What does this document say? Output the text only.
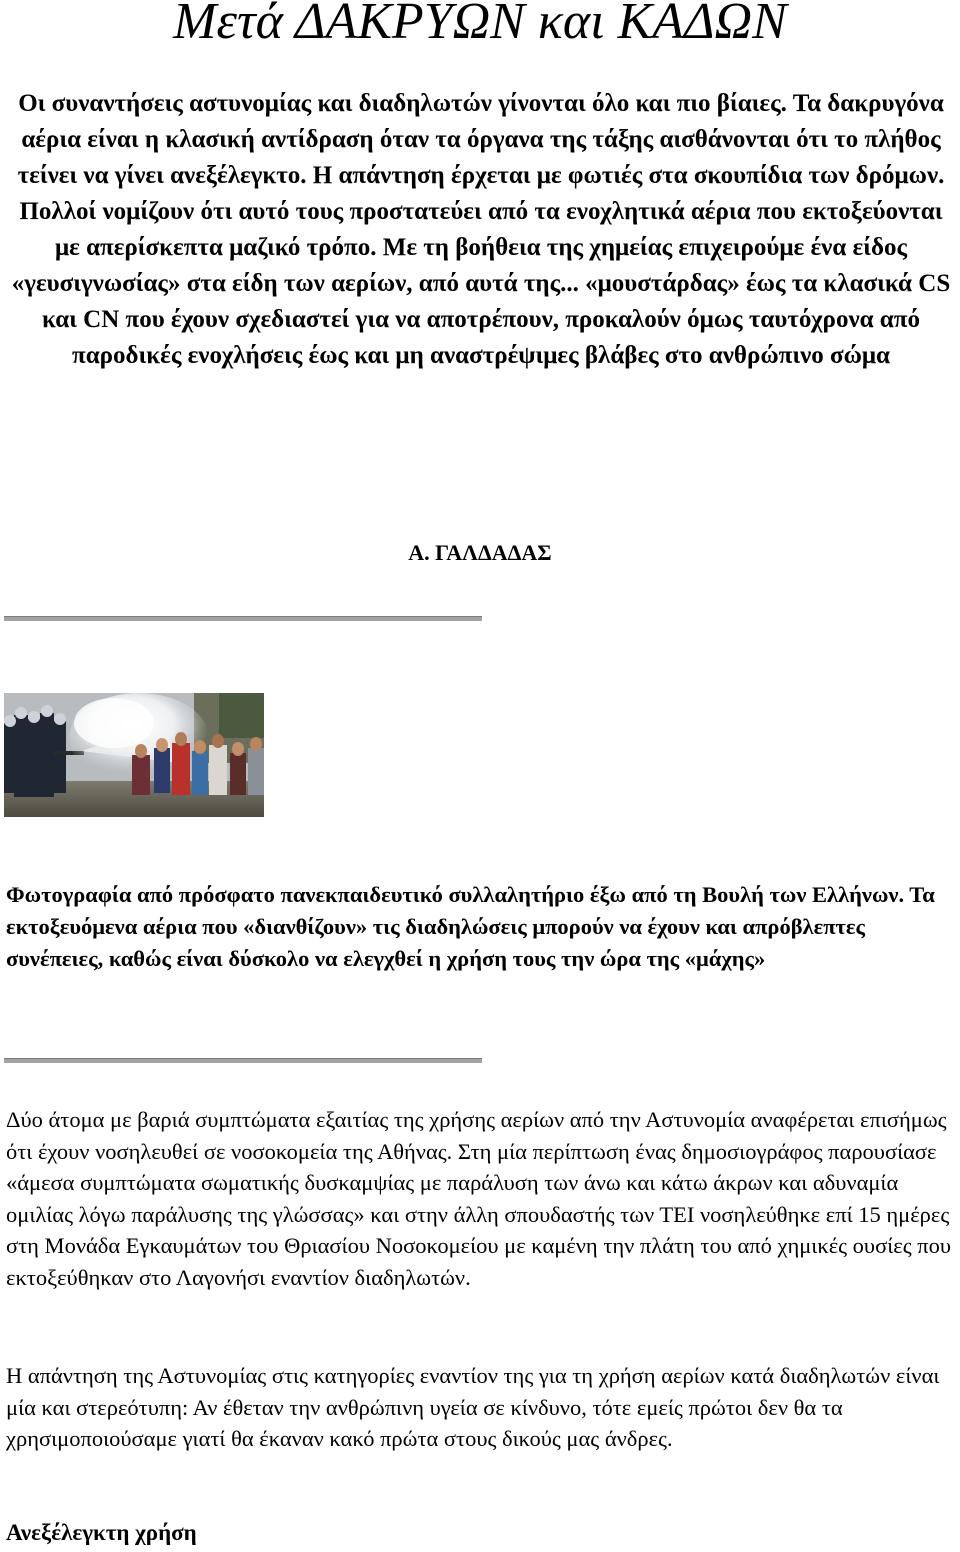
Μετά ΔΑΚΡΥΩΝ και ΚΑΔΩΝ

Οι συναντήσεις αστυνομίας και διαδηλωτών γίνονται όλο και πιο βίαιες. Τα δακρυγόνα αέρια είναι η κλασική αντίδραση όταν τα όργανα της τάξης αισθάνονται ότι το πλήθος τείνει να γίνει ανεξέλεγκτο. Η απάντηση έρχεται με φωτιές στα σκουπίδια των δρόμων. Πολλοί νομίζουν ότι αυτό τους προστατεύει από τα ενοχλητικά αέρια που εκτοξεύονται με απερίσκεπτα μαζικό τρόπο. Με τη βοήθεια της χημείας επιχειρούμε ένα είδος «γευσιγνωσίας» στα είδη των αερίων, από αυτά της... «μουστάρδας» έως τα κλασικά CS και CN που έχουν σχεδιαστεί για να αποτρέπουν, προκαλούν όμως ταυτόχρονα από παροδικές ενοχλήσεις έως και μη αναστρέψιμες βλάβες στο ανθρώπινο σώμα

Α. ΓΑΛΔΑΔΑΣ

Φωτογραφία από πρόσφατο πανεκπαιδευτικό συλλαλητήριο έξω από τη Βουλή των Ελλήνων. Τα εκτοξευόμενα αέρια που «διανθίζουν» τις διαδηλώσεις μπορούν να έχουν και απρόβλεπτες συνέπειες, καθώς είναι δύσκολο να ελεγχθεί η χρήση τους την ώρα της «μάχης»

Δύο άτομα με βαριά συμπτώματα εξαιτίας της χρήσης αερίων από την Αστυνομία αναφέρεται επισήμως ότι έχουν νοσηλευθεί σε νοσοκομεία της Αθήνας. Στη μία περίπτωση ένας δημοσιογράφος παρουσίασε «άμεσα συμπτώματα σωματικής δυσκαμψίας με παράλυση των άνω και κάτω άκρων και αδυναμία ομιλίας λόγω παράλυσης της γλώσσας» και στην άλλη σπουδαστής των ΤΕΙ νοσηλεύθηκε επί 15 ημέρες στη Μονάδα Εγκαυμάτων του Θριασίου Νοσοκομείου με καμένη την πλάτη του από χημικές ουσίες που εκτοξεύθηκαν στο Λαγονήσι εναντίον διαδηλωτών.

Η απάντηση της Αστυνομίας στις κατηγορίες εναντίον της για τη χρήση αερίων κατά διαδηλωτών είναι μία και στερεότυπη: Αν έθεταν την ανθρώπινη υγεία σε κίνδυνο, τότε εμείς πρώτοι δεν θα τα χρησιμοποιούσαμε γιατί θα έκαναν κακό πρώτα στους δικούς μας άνδρες.

Ανεξέλεγκτη χρήση
